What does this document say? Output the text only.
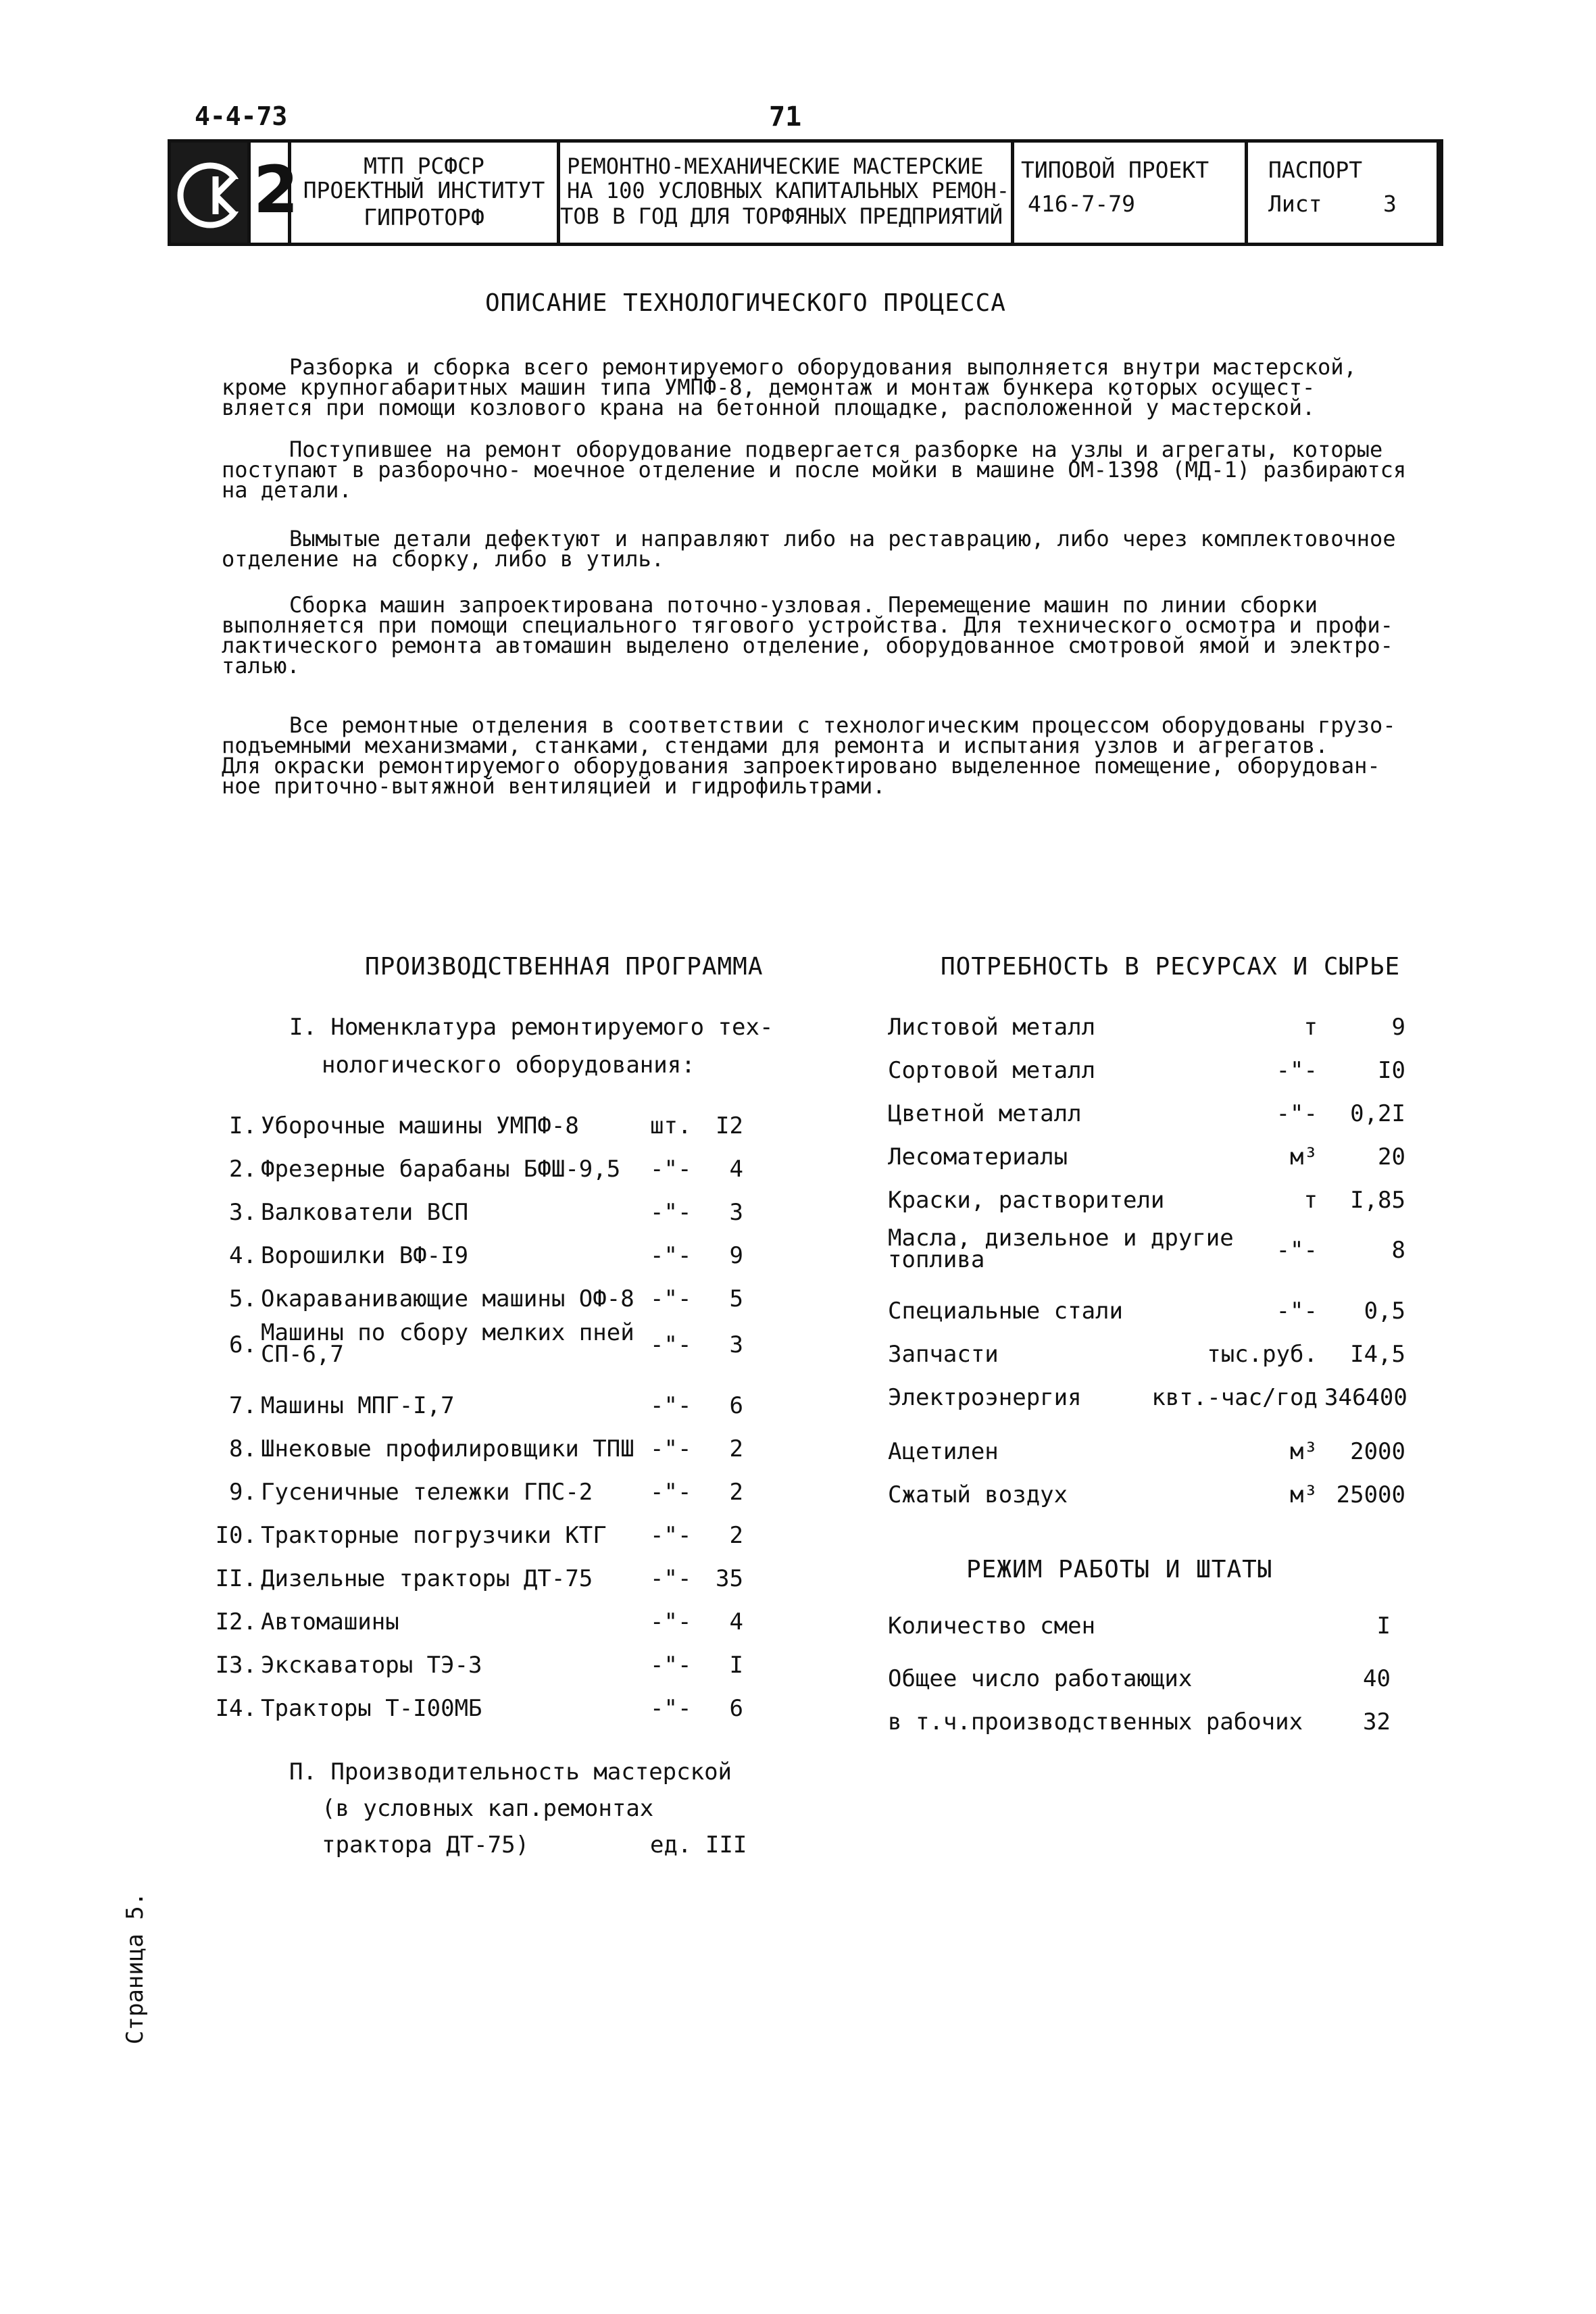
4-4-73	71
2	МТП РСФСР
ПРОЕКТНЫЙ ИНСТИТУТ
ГИПРОТОРФ
РЕМОНТНО-МЕХАНИЧЕСКИЕ МАСТЕРСКИЕ
НА 100 УСЛОВНЫХ КАПИТАЛЬНЫХ РЕМОН-
ТОВ В ГОД ДЛЯ ТОРФЯНЫХ ПРЕДПРИЯТИЙ
ТИПОВОЙ ПРОЕКТ
416-7-79
ПАСПОРТ
Лист	3
ОПИСАНИЕ ТЕХНОЛОГИЧЕСКОГО ПРОЦЕССА
Разборка и сборка всего ремонтируемого оборудования выполняется внутри мастерской,
кроме крупногабаритных машин типа УМПФ-8, демонтаж и монтаж бункера которых осущест-
вляется при помощи козлового крана на бетонной площадке, расположенной у мастерской.
Поступившее на ремонт оборудование подвергается разборке на узлы и агрегаты, которые
поступают в разборочно- моечное отделение и после мойки в машине ОМ-1398 (МД-1) разбираются
на детали.
Вымытые детали дефектуют и направляют либо на реставрацию, либо через комплектовочное
отделение на сборку, либо в утиль.
Сборка машин запроектирована поточно-узловая. Перемещение машин по линии сборки
выполняется при помощи специального тягового устройства. Для технического осмотра и профи-
лактического ремонта автомашин выделено отделение, оборудованное смотровой ямой и электро-
талью.
Все ремонтные отделения в соответствии с технологическим процессом оборудованы грузо-
подъемными механизмами, станками, стендами для ремонта и испытания узлов и агрегатов.
Для окраски ремонтируемого оборудования запроектировано выделенное помещение, оборудован-
ное приточно-вытяжной вентиляцией и гидрофильтрами.
ПРОИЗВОДСТВЕННАЯ ПРОГРАММА
I. Номенклатура ремонтируемого тех-
нологического оборудования:
I. Уборочные машины УМПФ-8	шт.	I2
2. Фрезерные барабаны БФШ-9,5 -"-	4
3. Валкователи ВСП	-"-	3
4. Ворошилки ВФ-I9	-"-	9
5. Окараванивающие машины ОФ-8 -"-	5
6. Машины по сбору мелких пней
СП-6,7	-"-	3
7. Машины МПГ-I,7	-"-	6
8. Шнековые профилировщики ТПШ -"-	2
9. Гусеничные тележки ГПС-2 -"-	2
I0. Тракторные погрузчики КТГ -"-	2
II. Дизельные тракторы ДТ-75 -"-	35
I2. Автомашины	-"-	4
I3. Экскаваторы ТЭ-3	-"-	I
I4. Тракторы Т-I00МБ	-"-	6
П. Производительность мастерской
(в условных кап.ремонтах
трактора ДТ-75)	ед. III
ПОТРЕБНОСТЬ В РЕСУРСАХ И СЫРЬЕ
Листовой металл	т	9
Сортовой металл	-"-	I0
Цветной металл	-"-	0,2I
Лесоматериалы	м³	20
Краски, растворители	т	I,85
Масла, дизельное и другие
топлива	-"-	8
Специальные стали	-"-	0,5
Запчасти	тыс.руб.	I4,5
Электроэнергия	квт.-час/год 346400
Ацетилен	м³	2000
Сжатый воздух	м³ 25000
РЕЖИМ РАБОТЫ И ШТАТЫ
Количество смен	I
Общее число работающих	40
в т.ч.производственных рабочих	32
Страница 5.
